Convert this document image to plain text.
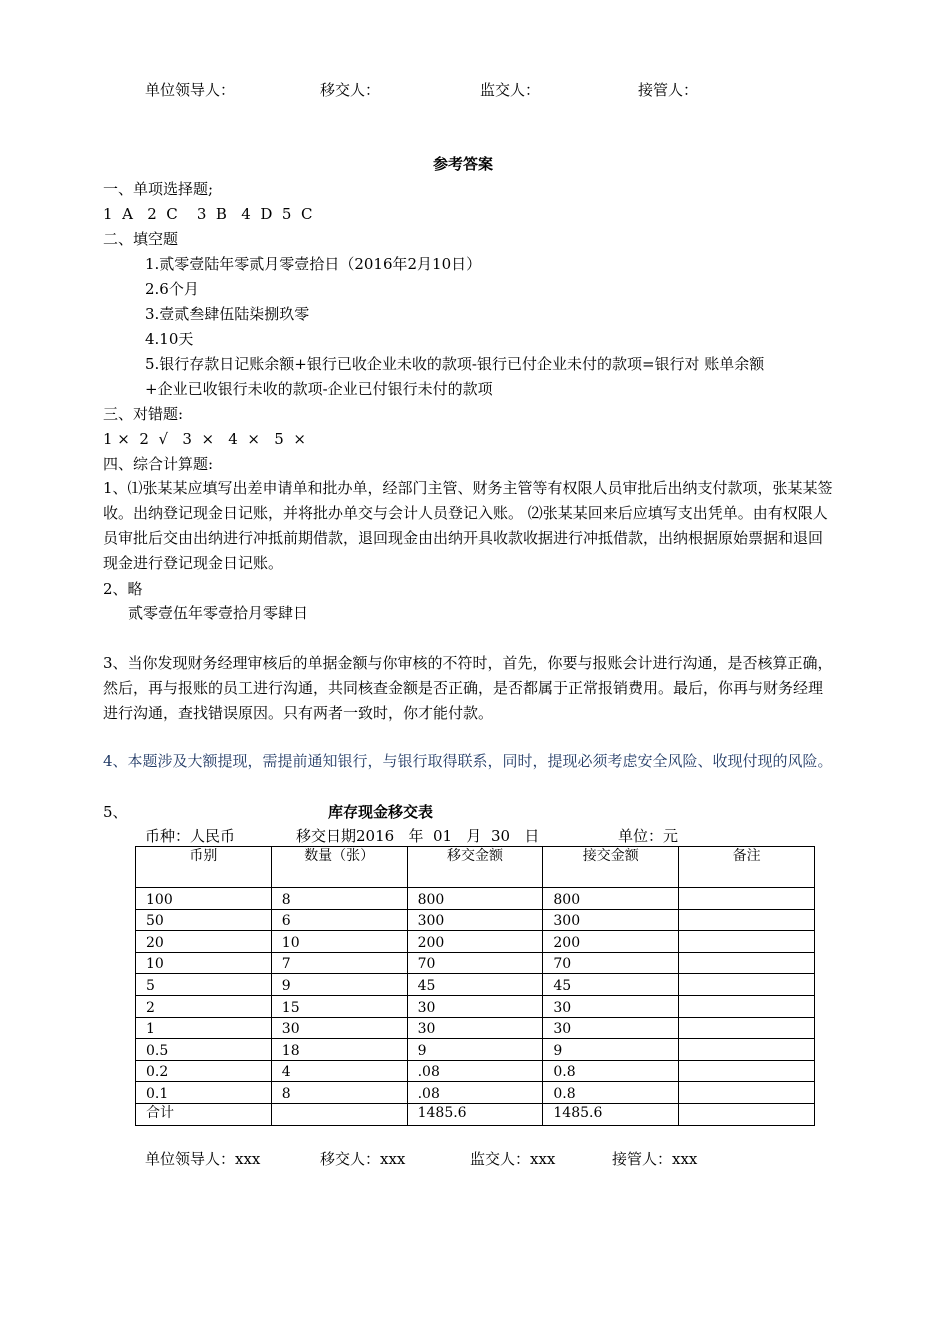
单位领导人：	移交人：	监交人：	接管人：
参考答案
一、单项选择题;
1  A   2  C    3  B   4  D  5  C
二、填空题
1.贰零壹陆年零贰月零壹拾日（2016年2月10日）
2.6个月
3.壹贰叁肆伍陆柒捌玖零
4.10天
5.银行存款日记账余额+银行已收企业未收的款项-银行已付企业未付的款项=银行对 账单余额
+企业已收银行未收的款项-企业已付银行未付的款项
三、对错题:
1 ×  2  √   3  ×   4  ×   5  ×
四、综合计算题:
1、⑴张某某应填写出差申请单和批办单，经部门主管、财务主管等有权限人员审批后出纳支付款项，张某某签收。出纳登记现金日记账，并将批办单交与会计人员登记入账。 ⑵张某某回来后应填写支出凭单。由有权限人员审批后交由出纳进行冲抵前期借款，退回现金由出纳开具收款收据进行冲抵借款，出纳根据原始票据和退回现金进行登记现金日记账。
2、略
贰零壹伍年零壹拾月零肆日
3、当你发现财务经理审核后的单据金额与你审核的不符时，首先，你要与报账会计进行沟通，是否核算正确，然后，再与报账的员工进行沟通，共同核查金额是否正确，是否都属于正常报销费用。最后，你再与财务经理进行沟通，查找错误原因。只有两者一致时，你才能付款。
4、本题涉及大额提现，需提前通知银行，与银行取得联系，同时，提现必须考虑安全风险、收现付现的风险。
5、	库存现金移交表
币种：人民币	移交日期2016   年  01   月  30   日	单位：元
币别	数量（张）	移交金额	接交金额	备注
100	8	800	800	
50	6	300	300	
20	10	200	200	
10	7	70	70	
5	9	45	45	
2	15	30	30	
1	30	30	30	
0.5	18	9	9	
0.2	4	.08	0.8	
0.1	8	.08	0.8	
合计		1485.6	1485.6	
单位领导人：xxx	移交人：xxx	监交人：xxx	接管人：xxx
